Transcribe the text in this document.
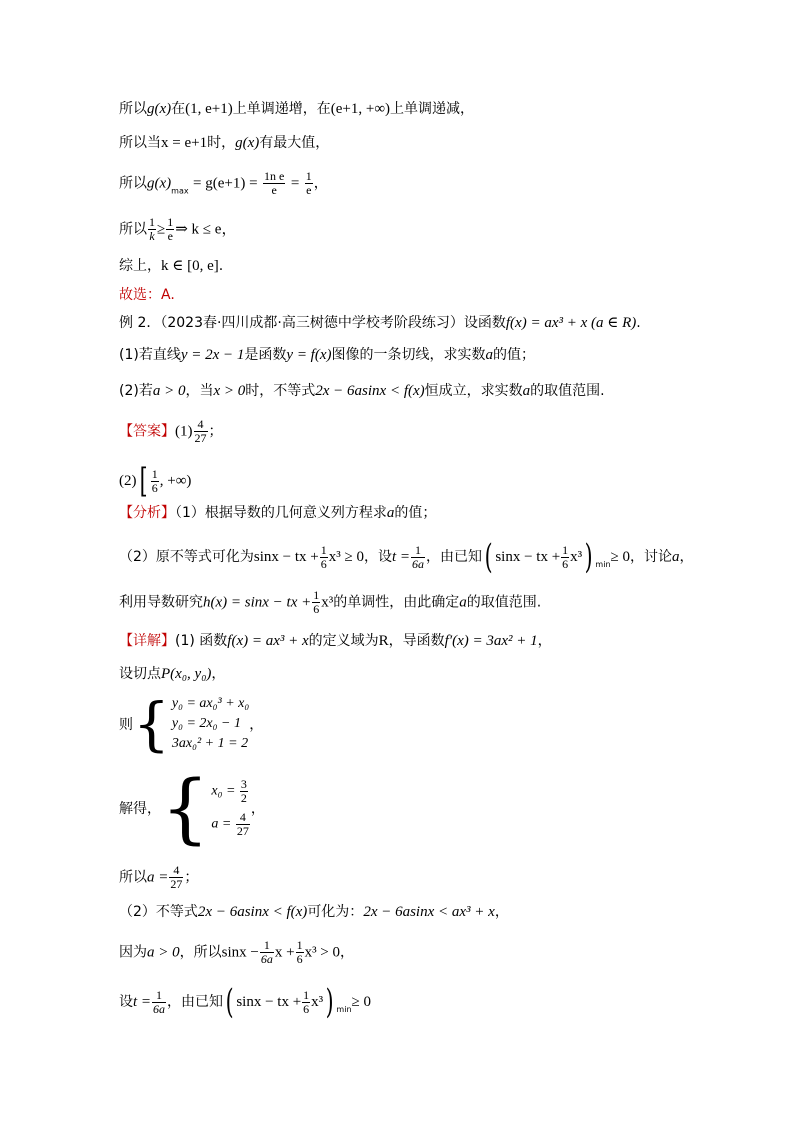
所以g(x)在(1, e+1)上单调递增，在(e+1, +∞)上单调递减，
所以当x = e+1时，g(x)有最大值，
所以$g(x)_{max} = g(e+1) = \frac{\text{1n e}}{e} = \frac{1}{e}$ ，
所以 $\frac{1}{k} \ge \frac{1}{e}$ ⇒ k ≤ e，
综上，k ∈ [0, e].
故选：A.
例 2．（2023春·四川成都·高三树德中学校考阶段练习）设函数f(x) = ax³ + x (a ∈ R).
(1)若直线y = 2x − 1是函数y = f(x)图像的一条切线，求实数a的值；
(2)若a > 0，当x > 0时，不等式2x − 6asinx < f(x)恒成立，求实数a的取值范围.
【答案】$(1) \frac{4}{27}$ ；
$(2)[ \frac{1}{6}$ , +∞)
【分析】（1）根据导数的几何意义列方程求a的值；
（2）原不等式可化为sinx − tx + $\frac{1}{6} x^3 \ge 0$，设$t = \frac{1}{6a}$ ，由已知( sinx − tx + $\frac{1}{6} x^3$) $_{min}$≥ 0，讨论a，
利用导数研究h(x) = sinx − tx + $\frac{1}{6} x^3$的单调性，由此确定a的取值范围.
【详解】(1) 函数f(x) = ax³ + x的定义域为R，导函数f′(x) = 3ax² + 1，
设切点P(x₀, y₀)，
则{ y₀ = ax₀³ + x₀
y₀ = 2x₀ − 1
3ax₀² + 1 = 2
，
解得，{ $x_0 = \frac{3}{2}$
$a = \frac{4}{27}$
，
所以$a = \frac{4}{27}$ ；
（2）不等式2x − 6asinx < f(x)可化为：2x − 6asinx < ax³ + x，
因为a > 0，所以$\sin x - \frac{1}{6a}$ $x + \frac{1}{6} x^3 > 0$，
设$t = \frac{1}{6a}$ ，由已知( sinx − tx + $\frac{1}{6} x^3$) $_{min}$≥ 0
